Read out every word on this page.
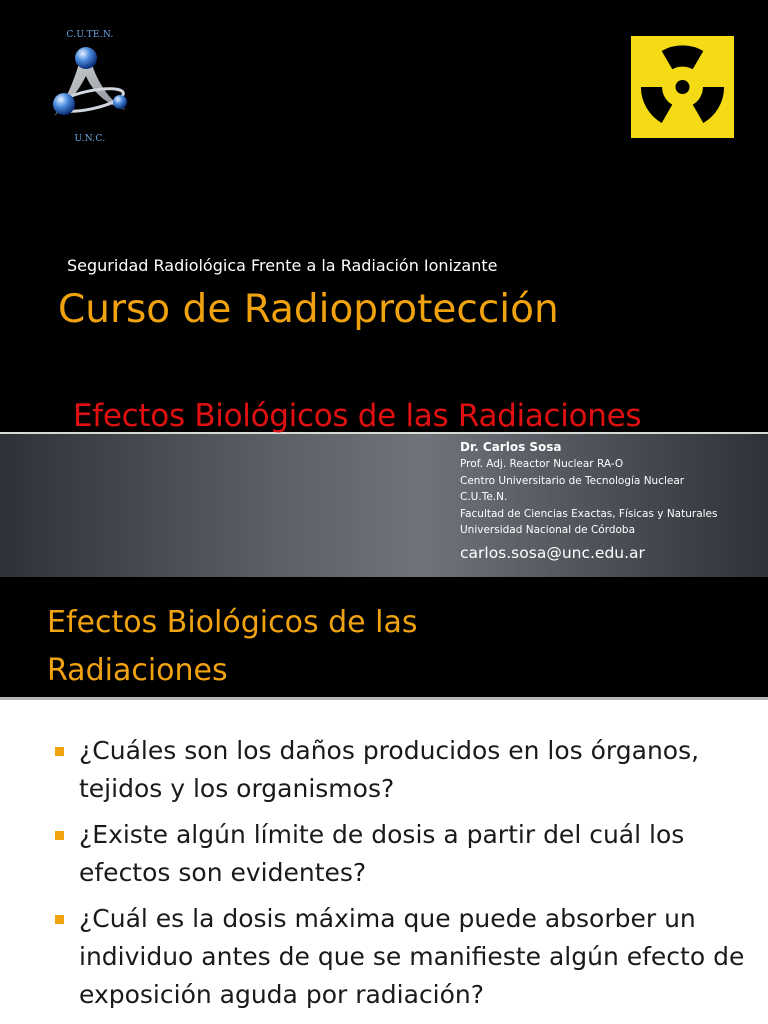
C.U.TE.N.
U.N.C.
Seguridad Radiológica Frente a la Radiación Ionizante
Curso de Radioprotección
Efectos Biológicos de las Radiaciones
Dr. Carlos Sosa
Prof. Adj. Reactor Nuclear RA-O
Centro Universitario de Tecnología Nuclear
C.U.Te.N.
Facultad de Ciencias Exactas, Físicas y Naturales
Universidad Nacional de Córdoba
carlos.sosa@unc.edu.ar
Efectos Biológicos de las Radiaciones
¿Cuáles son los daños producidos en los órganos, tejidos y los organismos?
¿Existe algún límite de dosis a partir del cuál los efectos son evidentes?
¿Cuál es la dosis máxima que puede absorber un individuo antes de que se manifieste algún efecto de exposición aguda por radiación?
